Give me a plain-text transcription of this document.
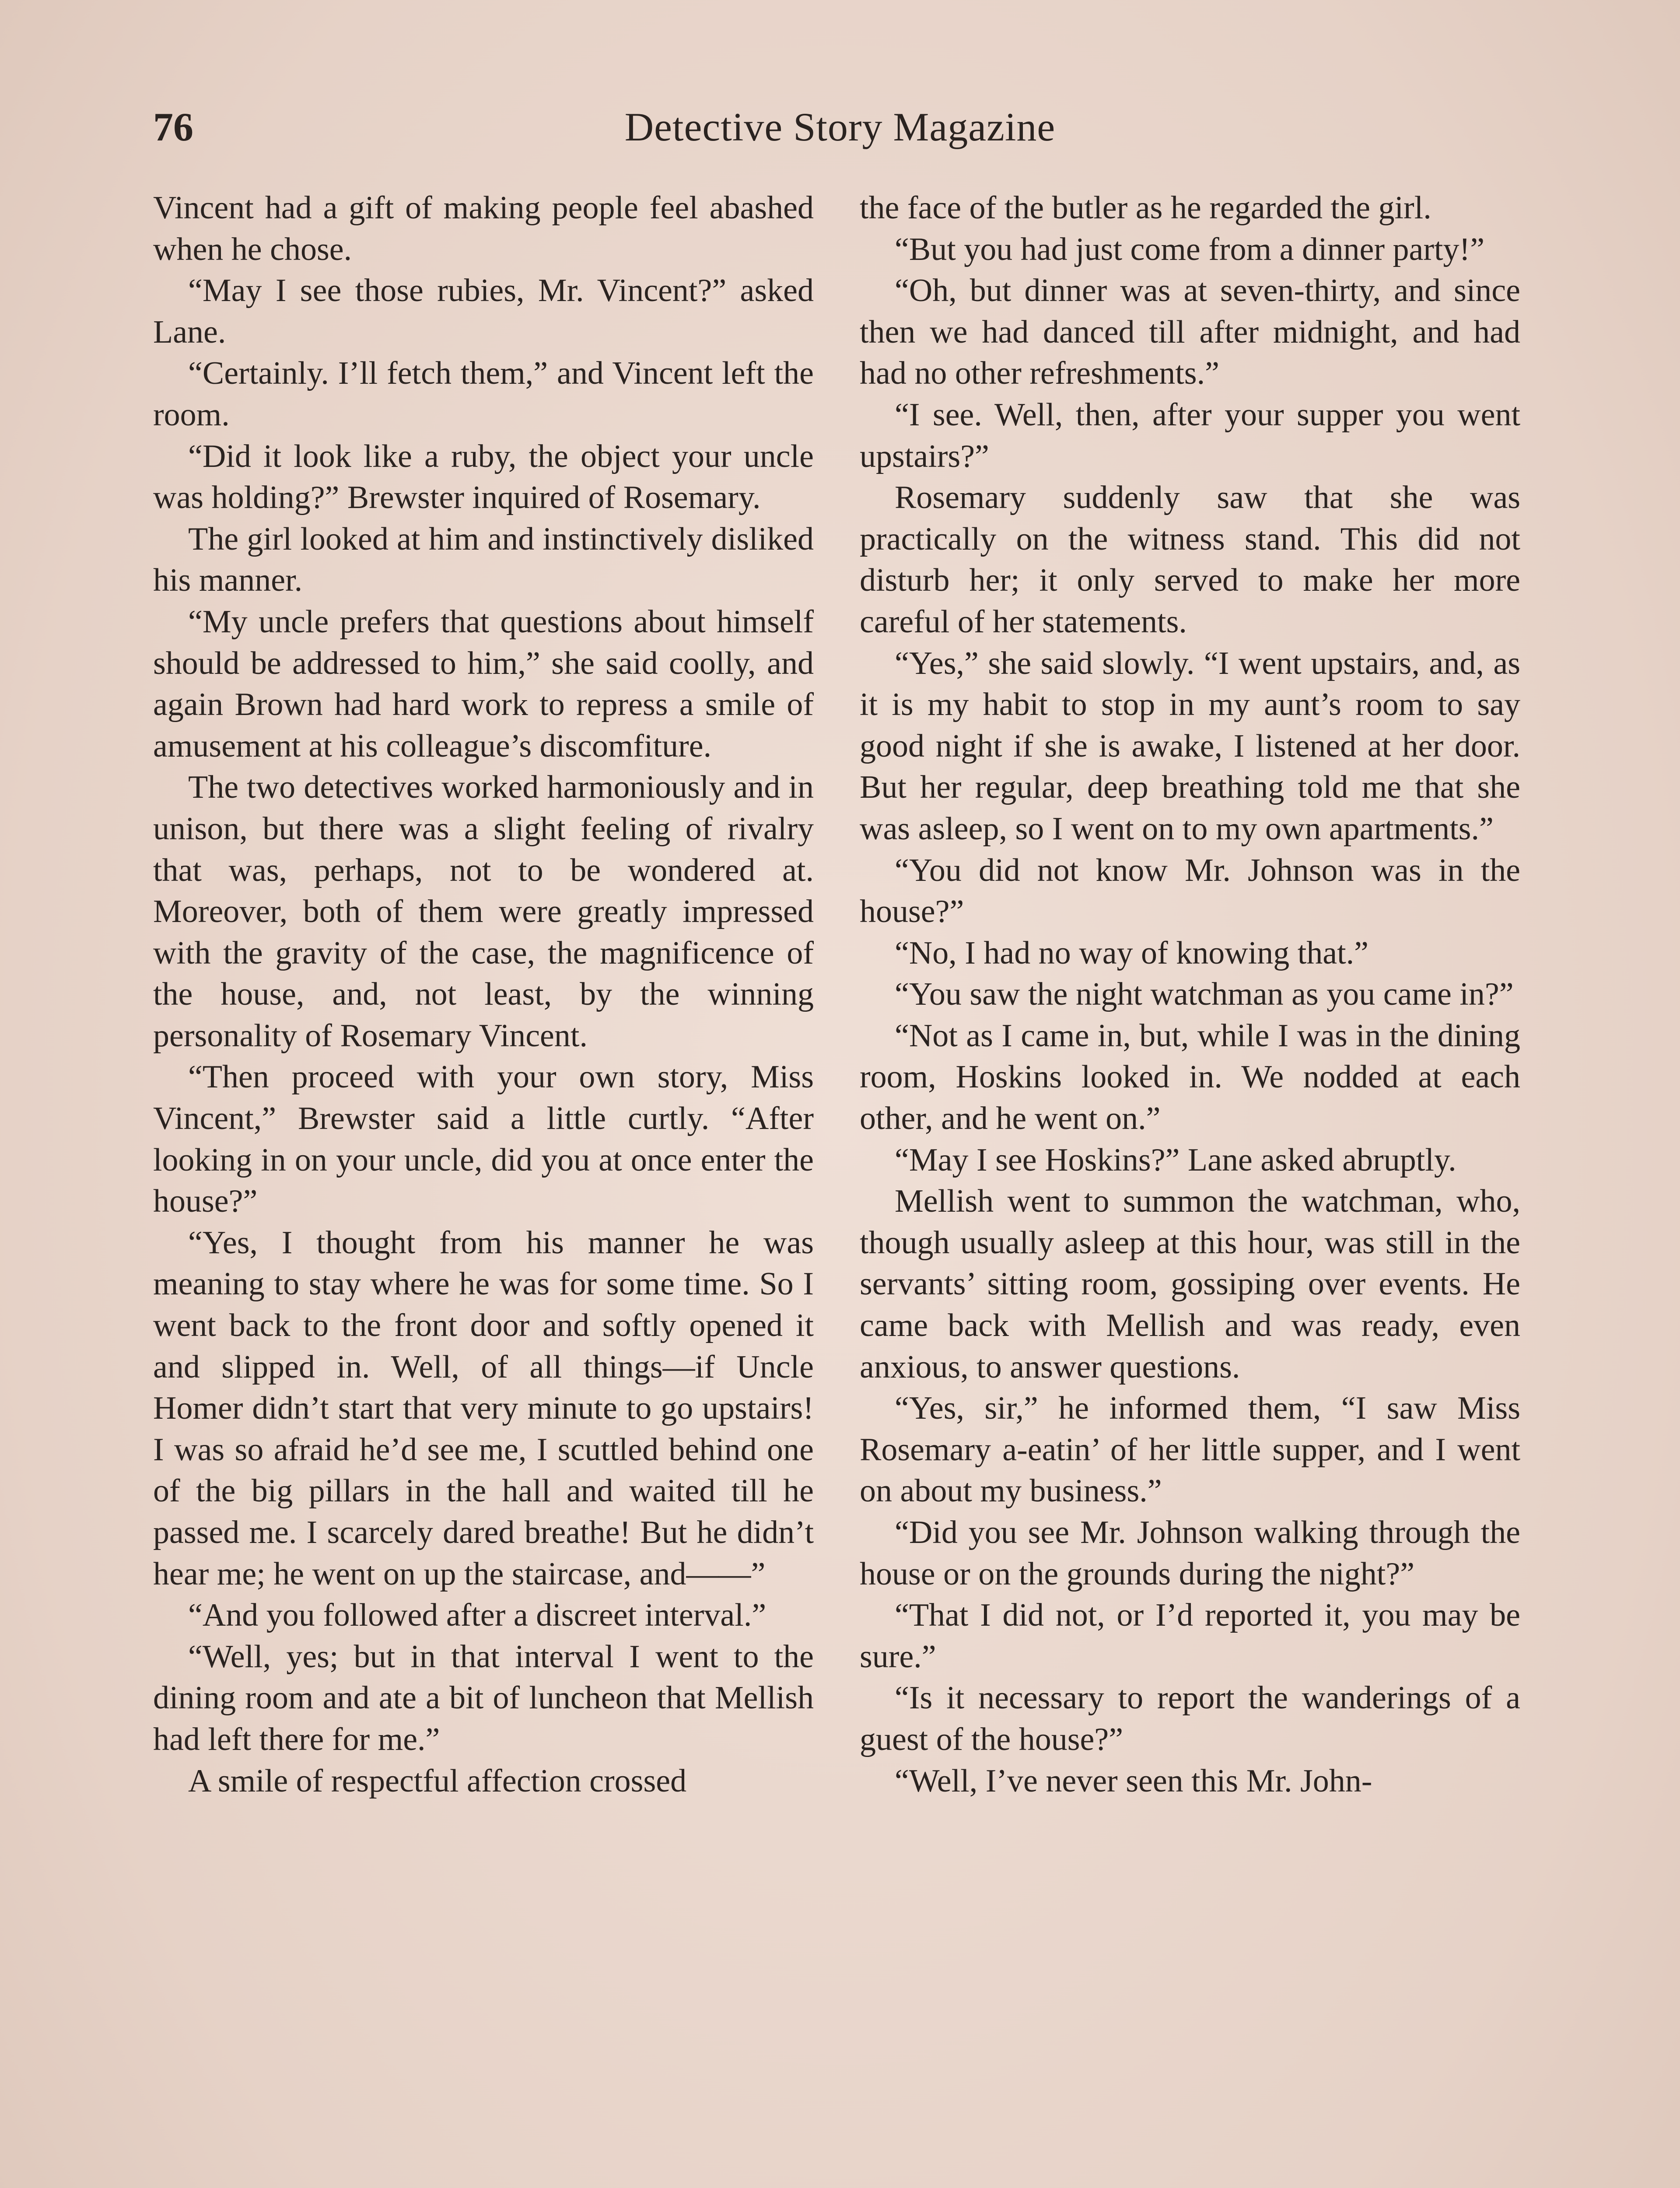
76	Detective Story Magazine

Vincent had a gift of making people feel abashed when he chose.

“May I see those rubies, Mr. Vincent?” asked Lane.

“Certainly. I’ll fetch them,” and Vincent left the room.

“Did it look like a ruby, the object your uncle was holding?” Brewster inquired of Rosemary.

The girl looked at him and instinctively disliked his manner.

“My uncle prefers that questions about himself should be addressed to him,” she said coolly, and again Brown had hard work to repress a smile of amusement at his colleague’s discomfiture.

The two detectives worked harmoniously and in unison, but there was a slight feeling of rivalry that was, perhaps, not to be wondered at. Moreover, both of them were greatly impressed with the gravity of the case, the magnificence of the house, and, not least, by the winning personality of Rosemary Vincent.

“Then proceed with your own story, Miss Vincent,” Brewster said a little curtly. “After looking in on your uncle, did you at once enter the house?”

“Yes, I thought from his manner he was meaning to stay where he was for some time. So I went back to the front door and softly opened it and slipped in. Well, of all things—if Uncle Homer didn’t start that very minute to go upstairs! I was so afraid he’d see me, I scuttled behind one of the big pillars in the hall and waited till he passed me. I scarcely dared breathe! But he didn’t hear me; he went on up the staircase, and——”

“And you followed after a discreet interval.”

“Well, yes; but in that interval I went to the dining room and ate a bit of luncheon that Mellish had left there for me.”

A smile of respectful affection crossed

the face of the butler as he regarded the girl.

“But you had just come from a dinner party!”

“Oh, but dinner was at seven-thirty, and since then we had danced till after midnight, and had had no other refreshments.”

“I see. Well, then, after your supper you went upstairs?”

Rosemary suddenly saw that she was practically on the witness stand. This did not disturb her; it only served to make her more careful of her statements.

“Yes,” she said slowly. “I went upstairs, and, as it is my habit to stop in my aunt’s room to say good night if she is awake, I listened at her door. But her regular, deep breathing told me that she was asleep, so I went on to my own apartments.”

“You did not know Mr. Johnson was in the house?”

“No, I had no way of knowing that.”

“You saw the night watchman as you came in?”

“Not as I came in, but, while I was in the dining room, Hoskins looked in. We nodded at each other, and he went on.”

“May I see Hoskins?” Lane asked abruptly.

Mellish went to summon the watchman, who, though usually asleep at this hour, was still in the servants’ sitting room, gossiping over events. He came back with Mellish and was ready, even anxious, to answer questions.

“Yes, sir,” he informed them, “I saw Miss Rosemary a-eatin’ of her little supper, and I went on about my business.”

“Did you see Mr. Johnson walking through the house or on the grounds during the night?”

“That I did not, or I’d reported it, you may be sure.”

“Is it necessary to report the wanderings of a guest of the house?”

“Well, I’ve never seen this Mr. John-
